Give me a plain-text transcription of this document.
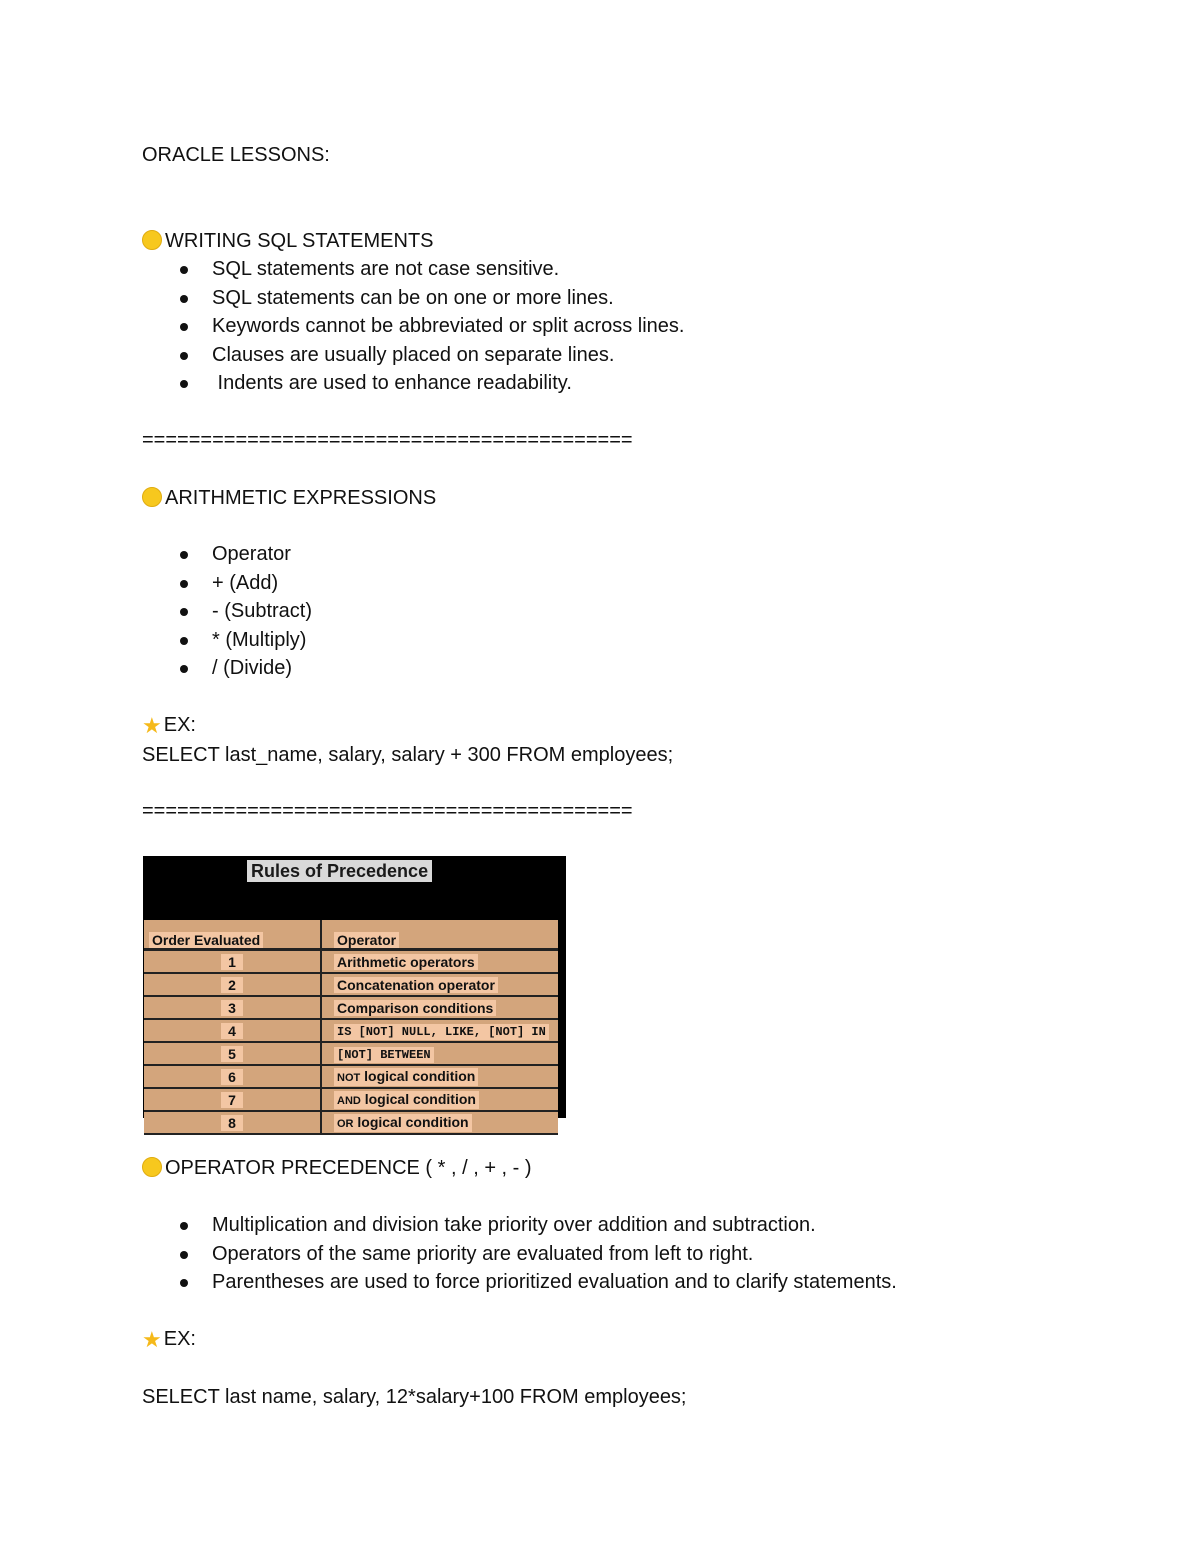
ORACLE LESSONS:
WRITING SQL STATEMENTS
SQL statements are not case sensitive.
SQL statements can be on one or more lines.
Keywords cannot be abbreviated or split across lines.
Clauses are usually placed on separate lines.
Indents are used to enhance readability.
==========================================
ARITHMETIC EXPRESSIONS
Operator
+ (Add)
- (Subtract)
* (Multiply)
/ (Divide)
★ EX:
SELECT last_name, salary, salary + 300 FROM employees;
==========================================
Rules of Precedence
Order Evaluated	Operator

1	Arithmetic operators

2	Concatenation operator

3	Comparison conditions

4	IS [NOT] NULL, LIKE, [NOT] IN

5	[NOT] BETWEEN

6	NOT logical condition

7	AND logical condition

8	OR logical condition
OPERATOR PRECEDENCE ( * , / , + , - )
Multiplication and division take priority over addition and subtraction.
Operators of the same priority are evaluated from left to right.
Parentheses are used to force prioritized evaluation and to clarify statements.
★ EX:
SELECT last name, salary, 12*salary+100 FROM employees;
